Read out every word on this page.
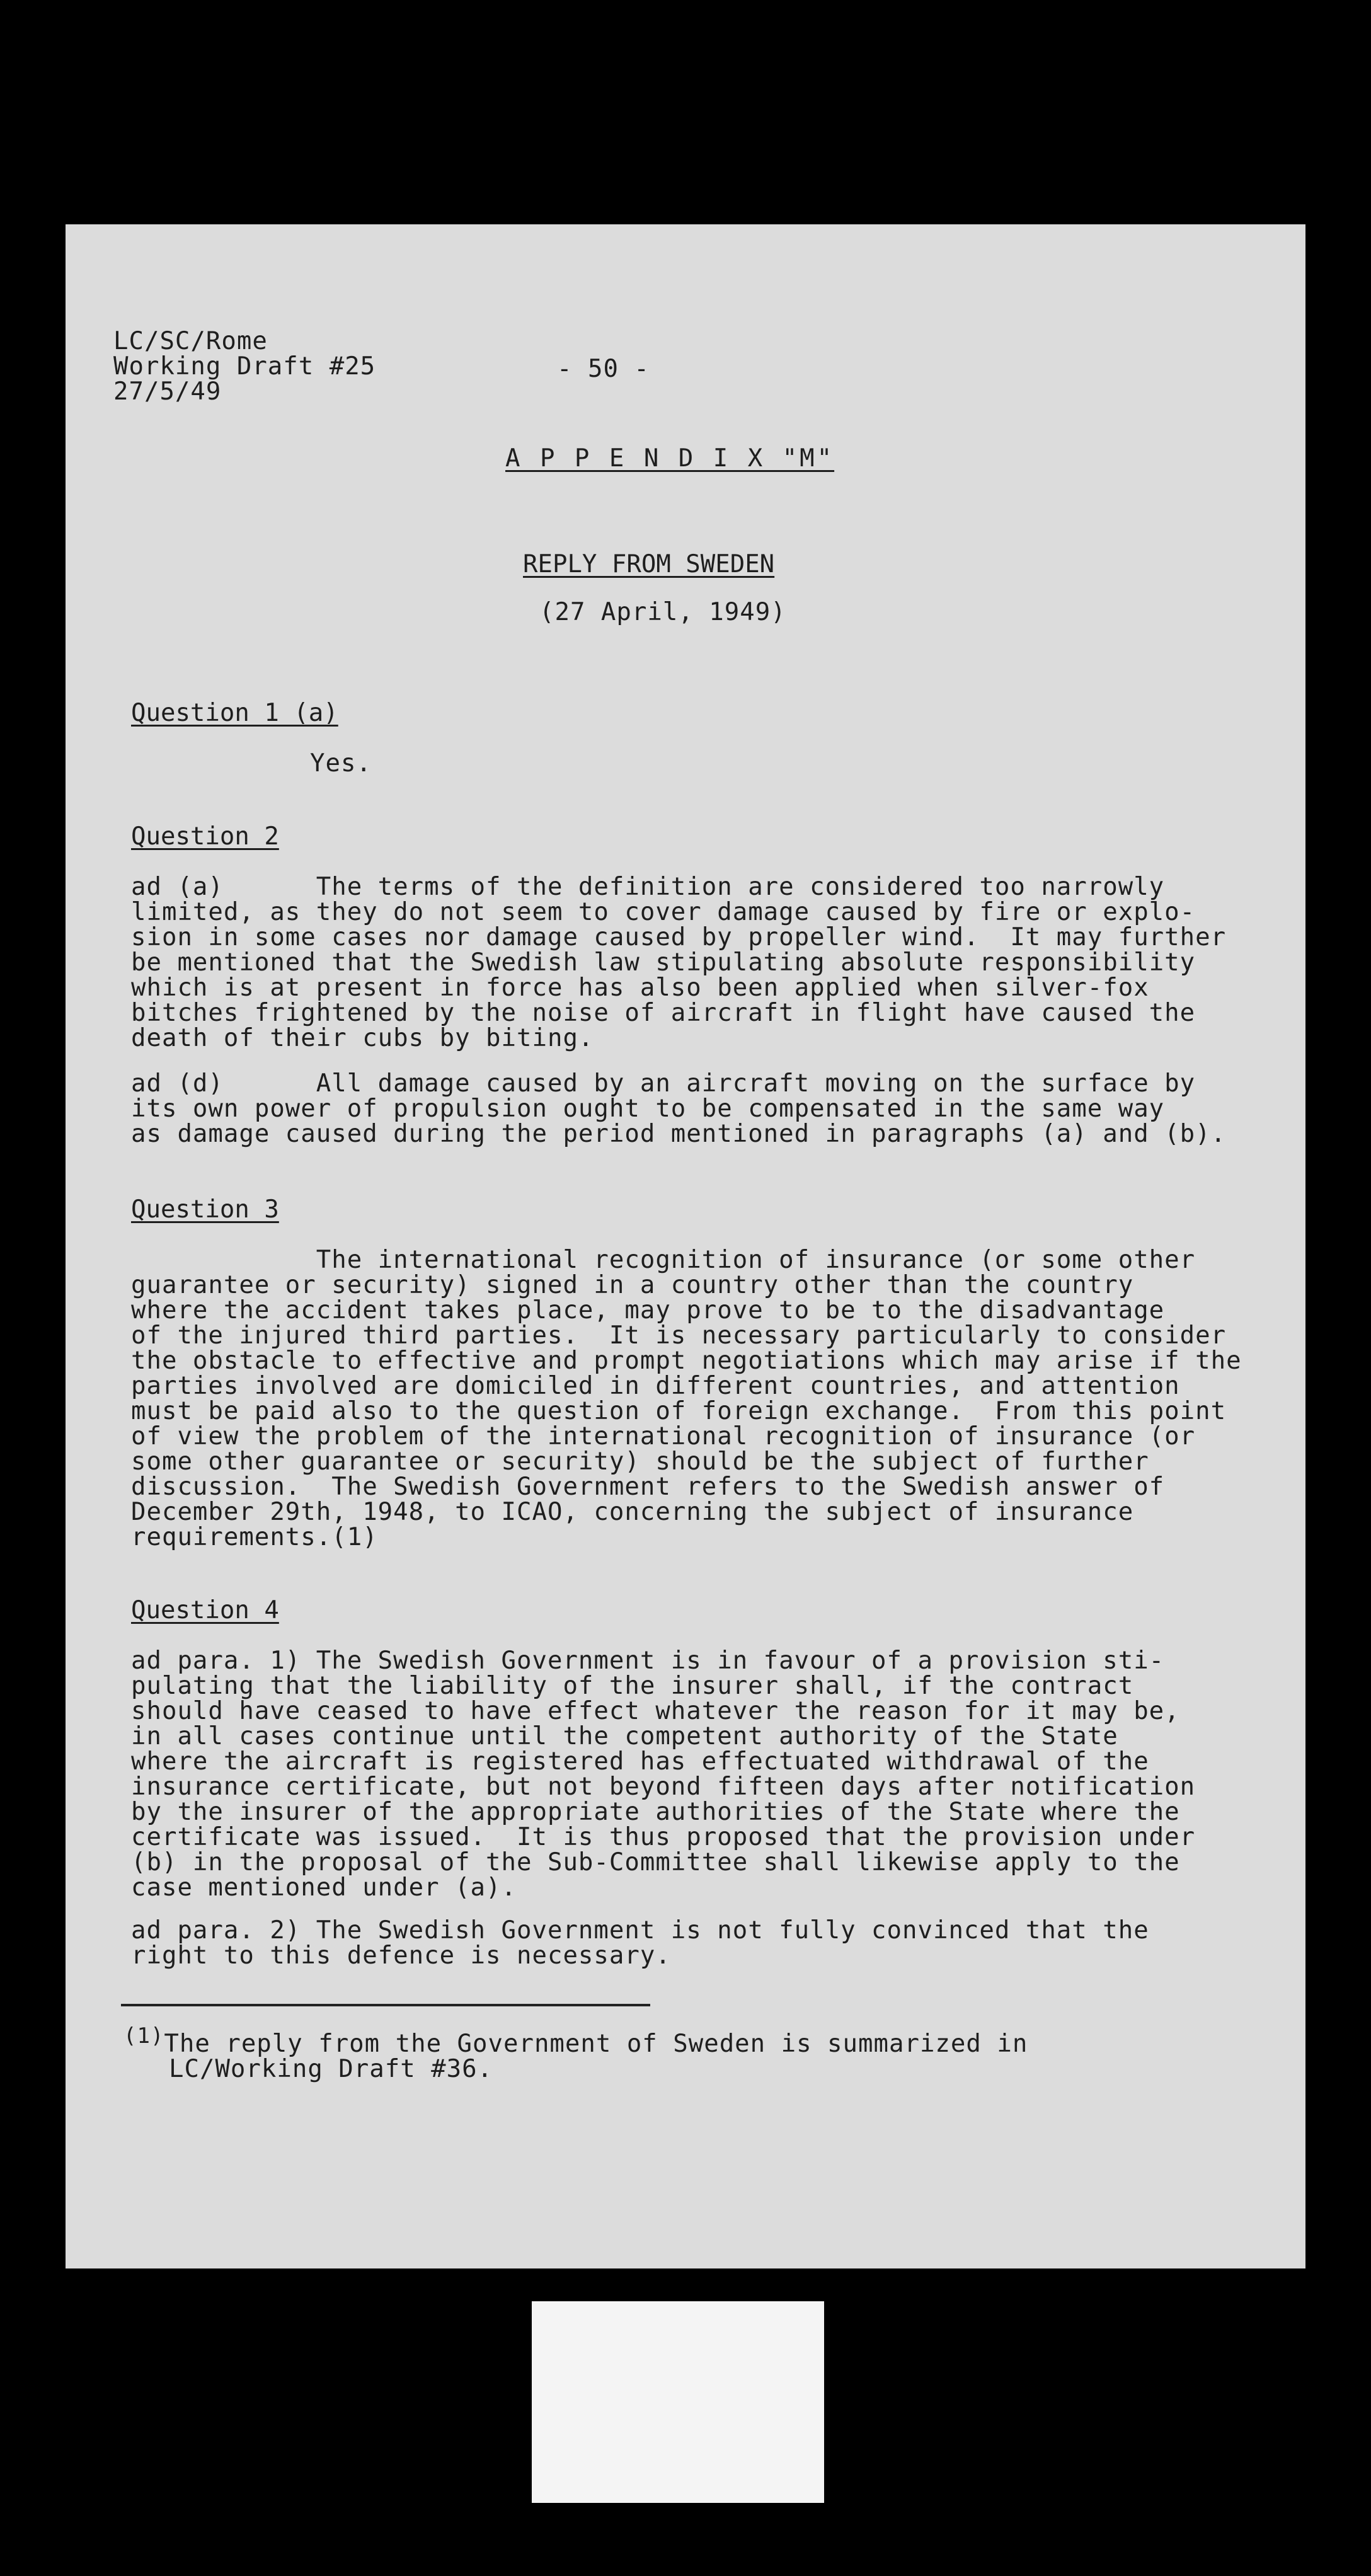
LC/SC/Rome
Working Draft #25
27/5/49
- 50 -
A P P E N D I X "M"
REPLY FROM SWEDEN
(27 April, 1949)
Question 1 (a)
Yes.
Question 2
ad (a)      The terms of the definition are considered too narrowly
limited, as they do not seem to cover damage caused by fire or explo-
sion in some cases nor damage caused by propeller wind.  It may further
be mentioned that the Swedish law stipulating absolute responsibility
which is at present in force has also been applied when silver-fox
bitches frightened by the noise of aircraft in flight have caused the
death of their cubs by biting.
ad (d)      All damage caused by an aircraft moving on the surface by
its own power of propulsion ought to be compensated in the same way
as damage caused during the period mentioned in paragraphs (a) and (b).
Question 3
The international recognition of insurance (or some other
guarantee or security) signed in a country other than the country
where the accident takes place, may prove to be to the disadvantage
of the injured third parties.  It is necessary particularly to consider
the obstacle to effective and prompt negotiations which may arise if the
parties involved are domiciled in different countries, and attention
must be paid also to the question of foreign exchange.  From this point
of view the problem of the international recognition of insurance (or
some other guarantee or security) should be the subject of further
discussion.  The Swedish Government refers to the Swedish answer of
December 29th, 1948, to ICAO, concerning the subject of insurance
requirements.(1)
Question 4
ad para. 1) The Swedish Government is in favour of a provision sti-
pulating that the liability of the insurer shall, if the contract
should have ceased to have effect whatever the reason for it may be,
in all cases continue until the competent authority of the State
where the aircraft is registered has effectuated withdrawal of the
insurance certificate, but not beyond fifteen days after notification
by the insurer of the appropriate authorities of the State where the
certificate was issued.  It is thus proposed that the provision under
(b) in the proposal of the Sub-Committee shall likewise apply to the
case mentioned under (a).
ad para. 2) The Swedish Government is not fully convinced that the
right to this defence is necessary.
(1)The reply from the Government of Sweden is summarized in
LC/Working Draft #36.
